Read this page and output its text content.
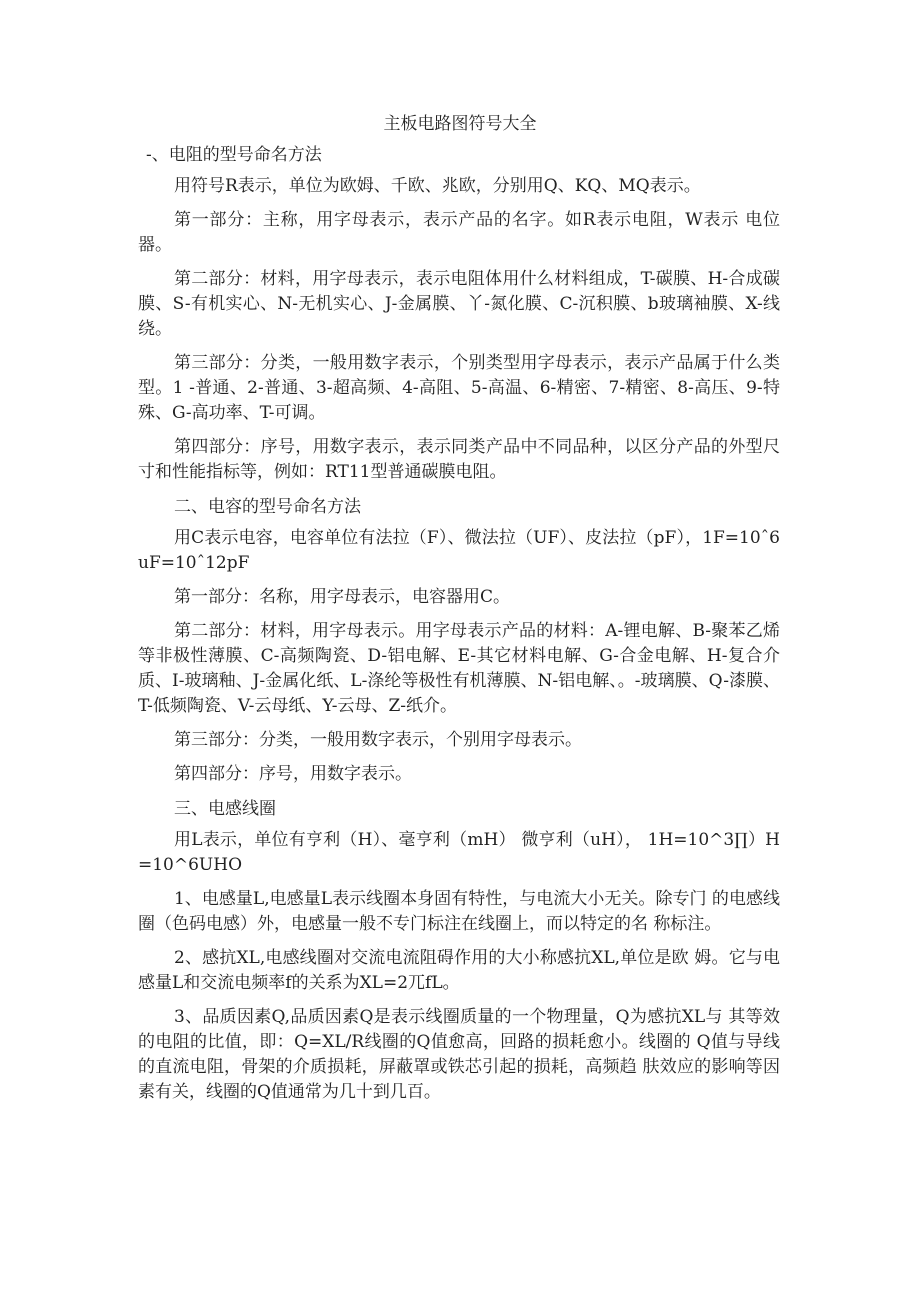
主板电路图符号大全
-、电阻的型号命名方法

用符号R表示，单位为欧姆、千欧、兆欧，分别用Q、KQ、MQ表示。

第一部分：主称，用字母表示，表示产品的名字。如R表示电阻，W表示 电位器。

第二部分：材料，用字母表示，表示电阻体用什么材料组成，T-碳膜、H-合成碳膜、S-有机实心、N-无机实心、J-金属膜、丫-氮化膜、C-沉积膜、b玻璃袖膜、X-线绕。

第三部分：分类，一般用数字表示，个别类型用字母表示，表示产品属于什么类型。1 -普通、2-普通、3-超高频、4-高阻、5-高温、6-精密、7-精密、8-高压、9-特殊、G-高功率、T-可调。

第四部分：序号，用数字表示，表示同类产品中不同品种，以区分产品的外型尺寸和性能指标等，例如：RT11型普通碳膜电阻。

二、电容的型号命名方法

用C表示电容，电容单位有法拉（F）、微法拉（UF）、皮法拉（pF），1F=10ˆ6uF=10ˆ12pF

第一部分：名称，用字母表示，电容器用C。

第二部分：材料，用字母表示。用字母表示产品的材料：A-锂电解、B-聚苯乙烯等非极性薄膜、C-高频陶瓷、D-铝电解、E-其它材料电解、G-合金电解、H-复合介质、I-玻璃釉、J-金属化纸、L-涤纶等极性有机薄膜、N-铝电解、。-玻璃膜、Q-漆膜、T-低频陶瓷、V-云母纸、Y-云母、Z-纸介。

第三部分：分类，一般用数字表示，个别用字母表示。

第四部分：序号，用数字表示。

三、电感线圈

用L表示，单位有亨利（H）、毫亨利（mH） 微亨利（uH）， 1H=10^3∏）H=10^6UHO

1、电感量L,电感量L表示线圈本身固有特性，与电流大小无关。除专门 的电感线圈（色码电感）外，电感量一般不专门标注在线圈上，而以特定的名 称标注。

2、感抗XL,电感线圈对交流电流阻碍作用的大小称感抗XL,单位是欧 姆。它与电感量L和交流电频率f的关系为XL=2兀fL。

3、品质因素Q,品质因素Q是表示线圈质量的一个物理量，Q为感抗XL与 其等效的电阻的比值，即：Q=XL/R线圈的Q值愈高，回路的损耗愈小。线圈的 Q值与导线的直流电阻，骨架的介质损耗，屏蔽罩或铁芯引起的损耗，高频趋 肤效应的影响等因素有关，线圈的Q值通常为几十到几百。
